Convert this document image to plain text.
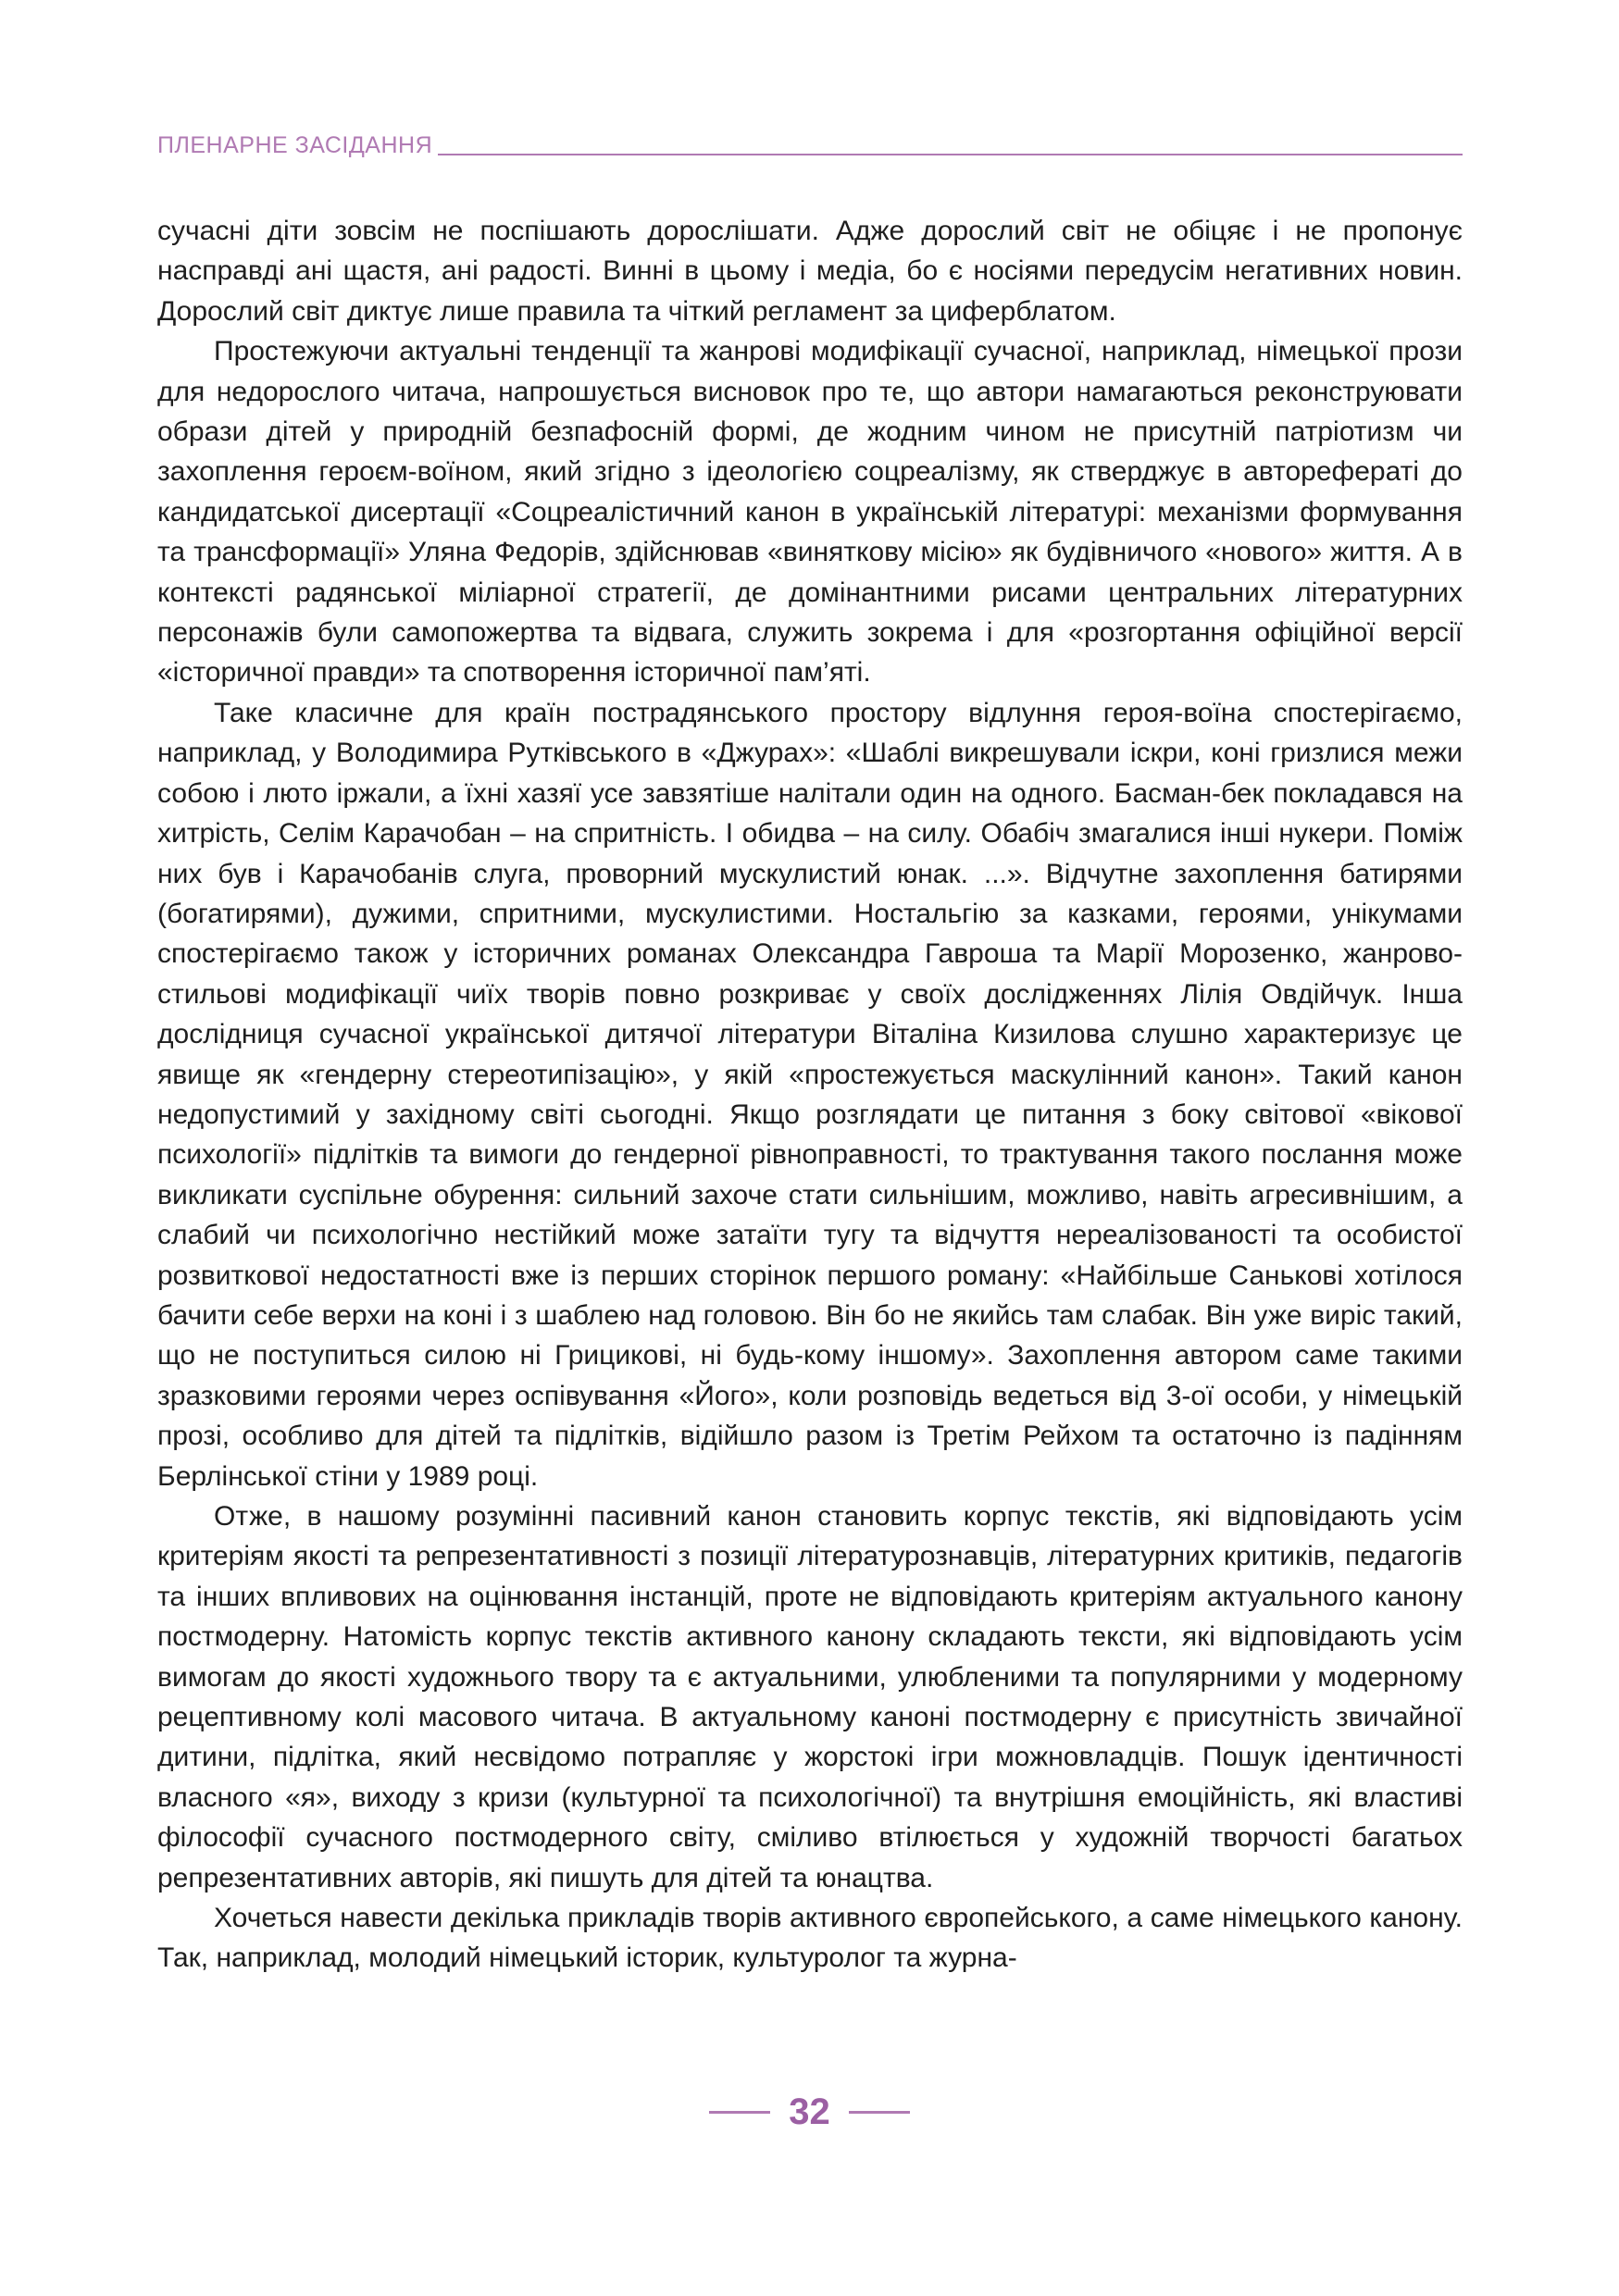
ПЛЕНАРНЕ ЗАСІДАННЯ

сучасні діти зовсім не поспішають дорослішати. Адже дорослий світ не обіцяє і не пропонує насправді ані щастя, ані радості. Винні в цьому і медіа, бо є носіями передусім негативних новин. Дорослий світ диктує лише правила та чіткий регламент за циферблатом.

Простежуючи актуальні тенденції та жанрові модифікації сучасної, наприклад, німецької прози для недорослого читача, напрошується висновок про те, що автори намагаються реконструювати образи дітей у природній безпафосній формі, де жодним чином не присутній патріотизм чи захоплення героєм-воїном, який згідно з ідеологією соцреалізму, як стверджує в авторефераті до кандидатської дисертації «Соцреалістичний канон в українській літературі: механізми формування та трансформації» Уляна Федорів, здійснював «виняткову місію» як будівничого «нового» життя. А в контексті радянської міліарної стратегії, де домінантними рисами центральних літературних персонажів були самопожертва та відвага, служить зокрема і для «розгортання офіційної версії «історичної правди» та спотворення історичної пам’яті.

Таке класичне для країн пострадянського простору відлуння героя-воїна спостерігаємо, наприклад, у Володимира Рутківського в «Джурах»: «Шаблі викрешували іскри, коні гризлися межи собою і люто іржали, а їхні хазяї усе завзятіше налітали один на одного. Басман-бек покладався на хитрість, Селім Карачобан – на спритність. І обидва – на силу. Обабіч змагалися інші нукери. Поміж них був і Карачобанів слуга, проворний мускулистий юнак. ...». Відчутне захоплення батирями (богатирями), дужими, спритними, мускулистими. Ностальгію за казками, героями, унікумами спостерігаємо також у історичних романах Олександра Гавроша та Марії Морозенко, жанрово-стильові модифікації чиїх творів повно розкриває у своїх дослідженнях Лілія Овдійчук. Інша дослідниця сучасної української дитячої літератури Віталіна Кизилова слушно характеризує це явище як «гендерну стереотипізацію», у якій «простежується маскулінний канон». Такий канон недопустимий у західному світі сьогодні. Якщо розглядати це питання з боку світової «вікової психології» підлітків та вимоги до гендерної рівноправності, то трактування такого послання може викликати суспільне обурення: сильний захоче стати сильнішим, можливо, навіть агресивнішим, а слабий чи психологічно нестійкий може затаїти тугу та відчуття нереалізованості та особистої розвиткової недостатності вже із перших сторінок першого роману: «Найбільше Санькові хотілося бачити себе верхи на коні і з шаблею над головою. Він бо не якийсь там слабак. Він уже виріс такий, що не поступиться силою ні Грицикові, ні будь-кому іншому». Захоплення автором саме такими зразковими героями через оспівування «Його», коли розповідь ведеться від 3-ої особи, у німецькій прозі, особливо для дітей та підлітків, відійшло разом із Третім Рейхом та остаточно із падінням Берлінської стіни у 1989 році.

Отже, в нашому розумінні пасивний канон становить корпус текстів, які відповідають усім критеріям якості та репрезентативності з позиції літературознавців, літературних критиків, педагогів та інших впливових на оцінювання інстанцій, проте не відповідають критеріям актуального канону постмодерну. Натомість корпус текстів активного канону складають тексти, які відповідають усім вимогам до якості художнього твору та є актуальними, улюбленими та популярними у модерному рецептивному колі масового читача. В актуальному каноні постмодерну є присутність звичайної дитини, підлітка, який несвідомо потрапляє у жорстокі ігри можновладців. Пошук ідентичності власного «я», виходу з кризи (культурної та психологічної) та внутрішня емоційність, які властиві філософії сучасного постмодерного світу, сміливо втілюється у художній творчості багатьох репрезентативних авторів, які пишуть для дітей та юнацтва.

Хочеться навести декілька прикладів творів активного європейського, а саме німецького канону. Так, наприклад, молодий німецький історик, культуролог та журна-

32
